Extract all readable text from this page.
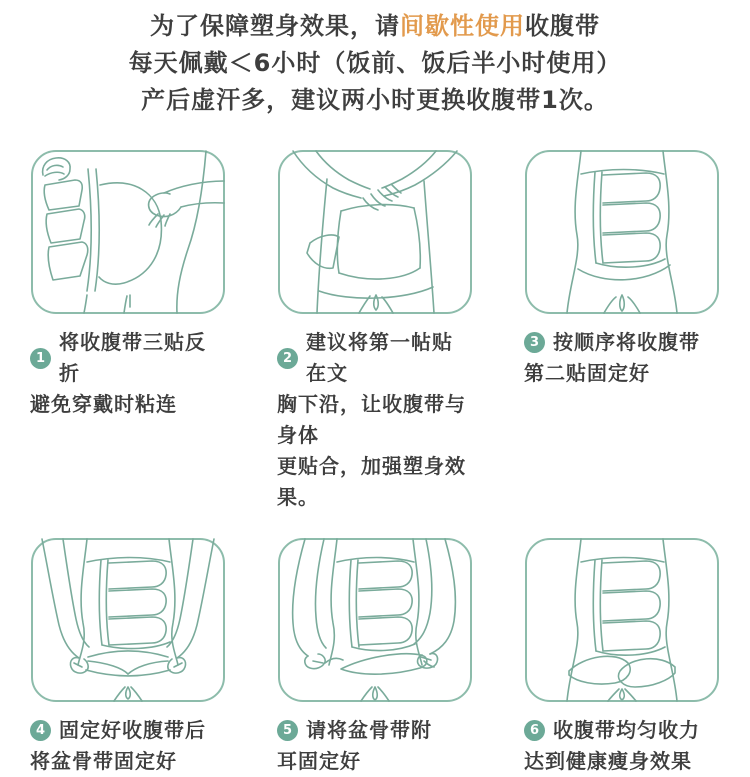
为了保障塑身效果，请间歇性使用收腹带
每天佩戴＜6小时（饭前、饭后半小时使用）
产后虚汗多，建议两小时更换收腹带1次。
1
将收腹带三贴反折
避免穿戴时粘连
2
建议将第一帖贴在文
胸下沿，让收腹带与身体
更贴合，加强塑身效果。
3 按顺序将收腹带
第二贴固定好
4 固定好收腹带后
将盆骨带固定好
5 请将盆骨带附
耳固定好
6 收腹带均匀收力
达到健康瘦身效果
